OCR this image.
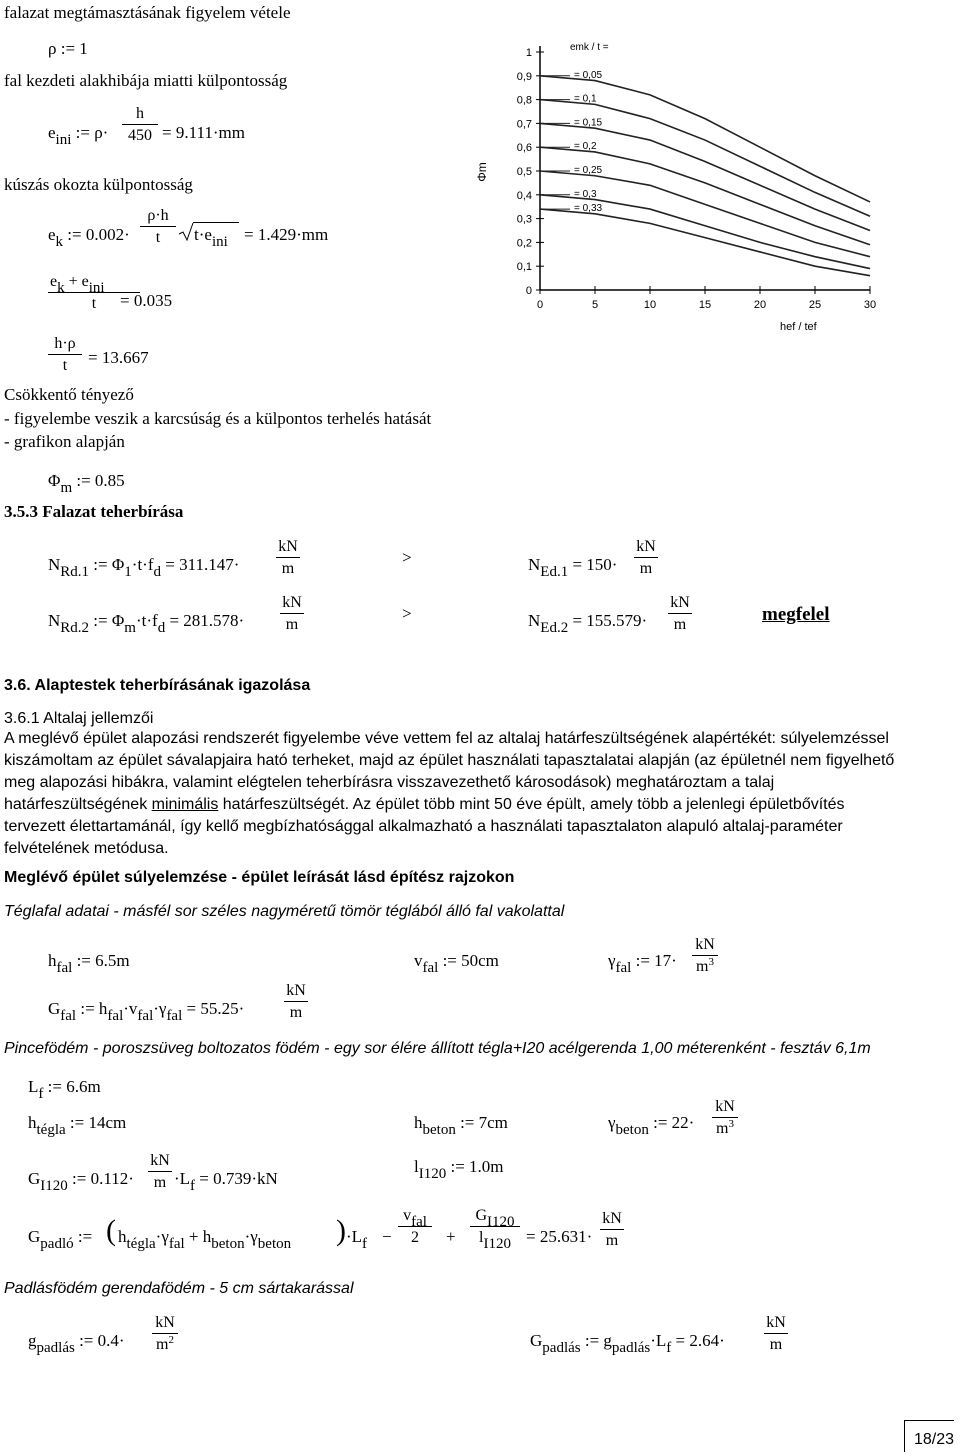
falazat megtámasztásának figyelem vétele
ρ := 1
fal kezdeti alakhibája miatti külpontosság
eini := $\rho\cdot \frac{h}{450} = 9.111\cdot mm$
kúszás okozta külpontosság
ek := $0.002\cdot \frac{\rho\cdot h}{t}$ t·eini = 1.429·mm
ek + eini
t	= 0.035
$\frac{h\cdot\rho}{t} = 13.667$
Csökkentő tényező
- figyelembe veszik a karcsúság és a külpontos terhelés hatását
- grafikon alapján
Φm := 0.85
0
0,1
0,2
0,3
0,4
0,5
0,6
0,7
0,8
0,9
1
0	5	10	15	20	25	30
Φm
hef / tef
emk / t =
= 0,05
= 0,1
= 0,15
= 0,2
= 0,25
= 0,3
= 0,33
3.5.3 Falazat teherbírása
NRd.1 := $\Phi 1\cdot t\cdot fd = 311.147\cdot \frac{kN}{m}$	>	$NEd.1 = 150\cdot \frac{kN}{m}$
NRd.2 := $\Phi m\cdot t\cdot fd = 281.578\cdot \frac{kN}{m}$	>	$NEd.2 = 155.579\cdot \frac{kN}{m}$	megfelel
3.6. Alaptestek teherbírásának igazolása
3.6.1 Altalaj jellemzői
A meglévő épület alapozási rendszerét figyelembe véve vettem fel az altalaj határfeszültségének alapértékét: súlyelemzéssel
kiszámoltam az épület sávalapjaira ható terheket, majd az épület használati tapasztalatai alapján (az épületnél nem figyelhető
meg alapozási hibákra, valamint elégtelen teherbírásra visszavezethető károsodások) meghatároztam a talaj
határfeszültségének minimális határfeszültségét. Az épület több mint 50 éve épült, amely több a jelenlegi épületbővítés
tervezett élettartamánál, így kellő megbízhatósággal alkalmazható a használati tapasztalaton alapuló altalaj-paraméter
felvételének metódusa.
Meglévő épület súlyelemzése - épület leírását lásd építész rajzokon
Téglafal adatai - másfél sor széles nagyméretű tömör téglából álló fal vakolattal
hfal := 6.5m	vfal := 50cm	γfal := $17\cdot \frac{kN}{m^3}$
Gfal := hfal·vfal·γfal = $55.25\cdot \frac{kN}{m}$
Pincefödém - poroszsüveg boltozatos födém - egy sor élére állított tégla+I20 acélgerenda 1,00 méterenként - fesztáv 6,1m
Lf := 6.6m
htégla := 14cm	hbeton := 7cm	γbeton := $22\cdot \frac{kN}{m^3}$
GI120 := $0.112\cdot \frac{kN}{m} \cdot Lf = 0.739\cdot kN$
lI120 := 1.0m
Gpadló := ( htégla·γfal + hbeton·γbeton ) ·Lf −
vfal
2	+ $\frac{GI120}{lI120} = 25.631\cdot \frac{kN}{m}$
Padlásfödém gerendafödém - 5 cm sártakarással
gpadlás := $0.4\cdot \frac{kN}{m^2}$	Gpadlás := gpadlás·Lf = $2.64\cdot \frac{kN}{m}$
18/23
